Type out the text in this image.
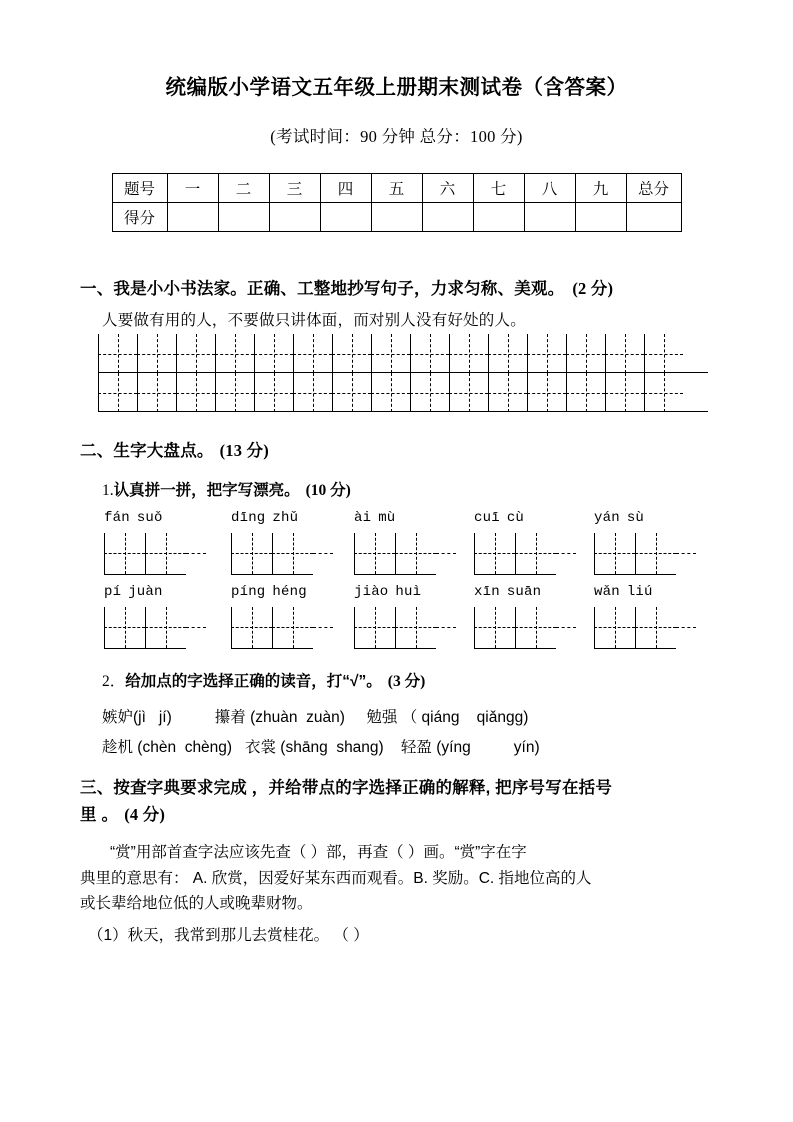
统编版小学语文五年级上册期末测试卷（含答案）
(考试时间：90 分钟 总分：100 分)
题号	一	二	三	四	五	六	七	八	九	总分
得分										
一、我是小小书法家。正确、工整地抄写句子，力求匀称、美观。 (2 分)
人要做有用的人，不要做只讲体面，而对别人没有好处的人。
二、生字大盘点。 (13 分)
1.认真拼一拼，把字写漂亮。 (10 分)
fán suǒ	dīng zhǔ	ài mù	cuī cù	yán sù
pí juàn	píng héng	jiào huì	xīn suān	wǎn liú
2．给加点的字选择正确的读音，打“√”。 (3 分)
嫉妒(jì   jí)          攥着 (zhuàn  zuàn)     勉强 （ qiáng    qiǎngg)
趁机 (chèn  chèng)   衣裳 (shāng  shang)    轻盈 (yíng          yín)
三、按查字典要求完成 ，并给带点的字选择正确的解释, 把序号写在括号
里 。 (4 分)
“赏”用部首查字法应该先查（ ）部，再查（ ）画。“赏”字在字
典里的意思有： A. 欣赏，因爱好某东西而观看。B. 奖励。C. 指地位高的人
或长辈给地位低的人或晚辈财物。
（1）秋天，我常到那儿去赏桂花。 （ ）
